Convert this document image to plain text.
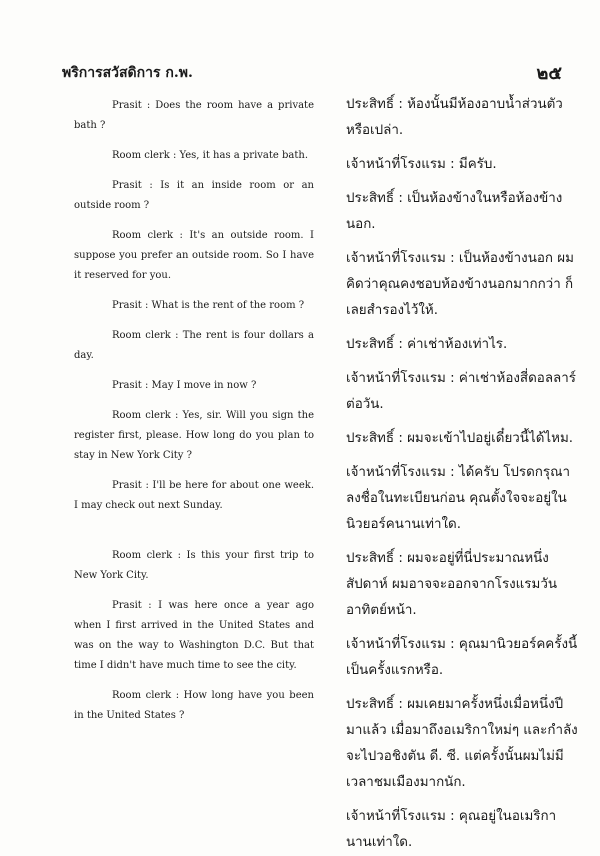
พริการสวัสดิการ ก.พ.	๒๕

Prasit : Does the room have a private bath ?

Room clerk : Yes, it has a private bath.

Prasit : Is it an inside room or an outside room ?

Room clerk : It's an outside room. I suppose you prefer an outside room. So I have it reserved for you.

Prasit : What is the rent of the room ?

Room clerk : The rent is four dollars a day.

Prasit : May I move in now ?

Room clerk : Yes, sir. Will you sign the register first, please. How long do you plan to stay in New York City ?

Prasit : I'll be here for about one week. I may check out next Sunday.

Room clerk : Is this your first trip to New York City.

Prasit : I was here once a year ago when I first arrived in the United States and was on the way to Washington D.C. But that time I didn't have much time to see the city.

Room clerk : How long have you been in the United States ?

ประสิทธิ์ : ห้องนั้นมีห้องอาบน้ำส่วนตัวหรือเปล่า.

เจ้าหน้าที่โรงแรม : มีครับ.

ประสิทธิ์ : เป็นห้องข้างในหรือห้องข้างนอก.

เจ้าหน้าที่โรงแรม : เป็นห้องข้างนอก ผมคิดว่าคุณคงชอบห้องข้างนอกมากกว่า ก็เลยสำรองไว้ให้.

ประสิทธิ์ : ค่าเช่าห้องเท่าไร.

เจ้าหน้าที่โรงแรม : ค่าเช่าห้องสี่ดอลลาร์ต่อวัน.

ประสิทธิ์ : ผมจะเข้าไปอยู่เดี๋ยวนี้ได้ไหม.

เจ้าหน้าที่โรงแรม : ได้ครับ โปรดกรุณาลงชื่อในทะเบียนก่อน คุณตั้งใจจะอยู่ในนิวยอร์คนานเท่าใด.

ประสิทธิ์ : ผมจะอยู่ที่นี่ประมาณหนึ่งสัปดาห์ ผมอาจจะออกจากโรงแรมวันอาทิตย์หน้า.

เจ้าหน้าที่โรงแรม : คุณมานิวยอร์คครั้งนี้เป็นครั้งแรกหรือ.

ประสิทธิ์ : ผมเคยมาครั้งหนึ่งเมื่อหนึ่งปีมาแล้ว เมื่อมาถึงอเมริกาใหม่ๆ และกำลังจะไปวอชิงตัน ดี. ซี. แต่ครั้งนั้นผมไม่มีเวลาชมเมืองมากนัก.

เจ้าหน้าที่โรงแรม : คุณอยู่ในอเมริกานานเท่าใด.
